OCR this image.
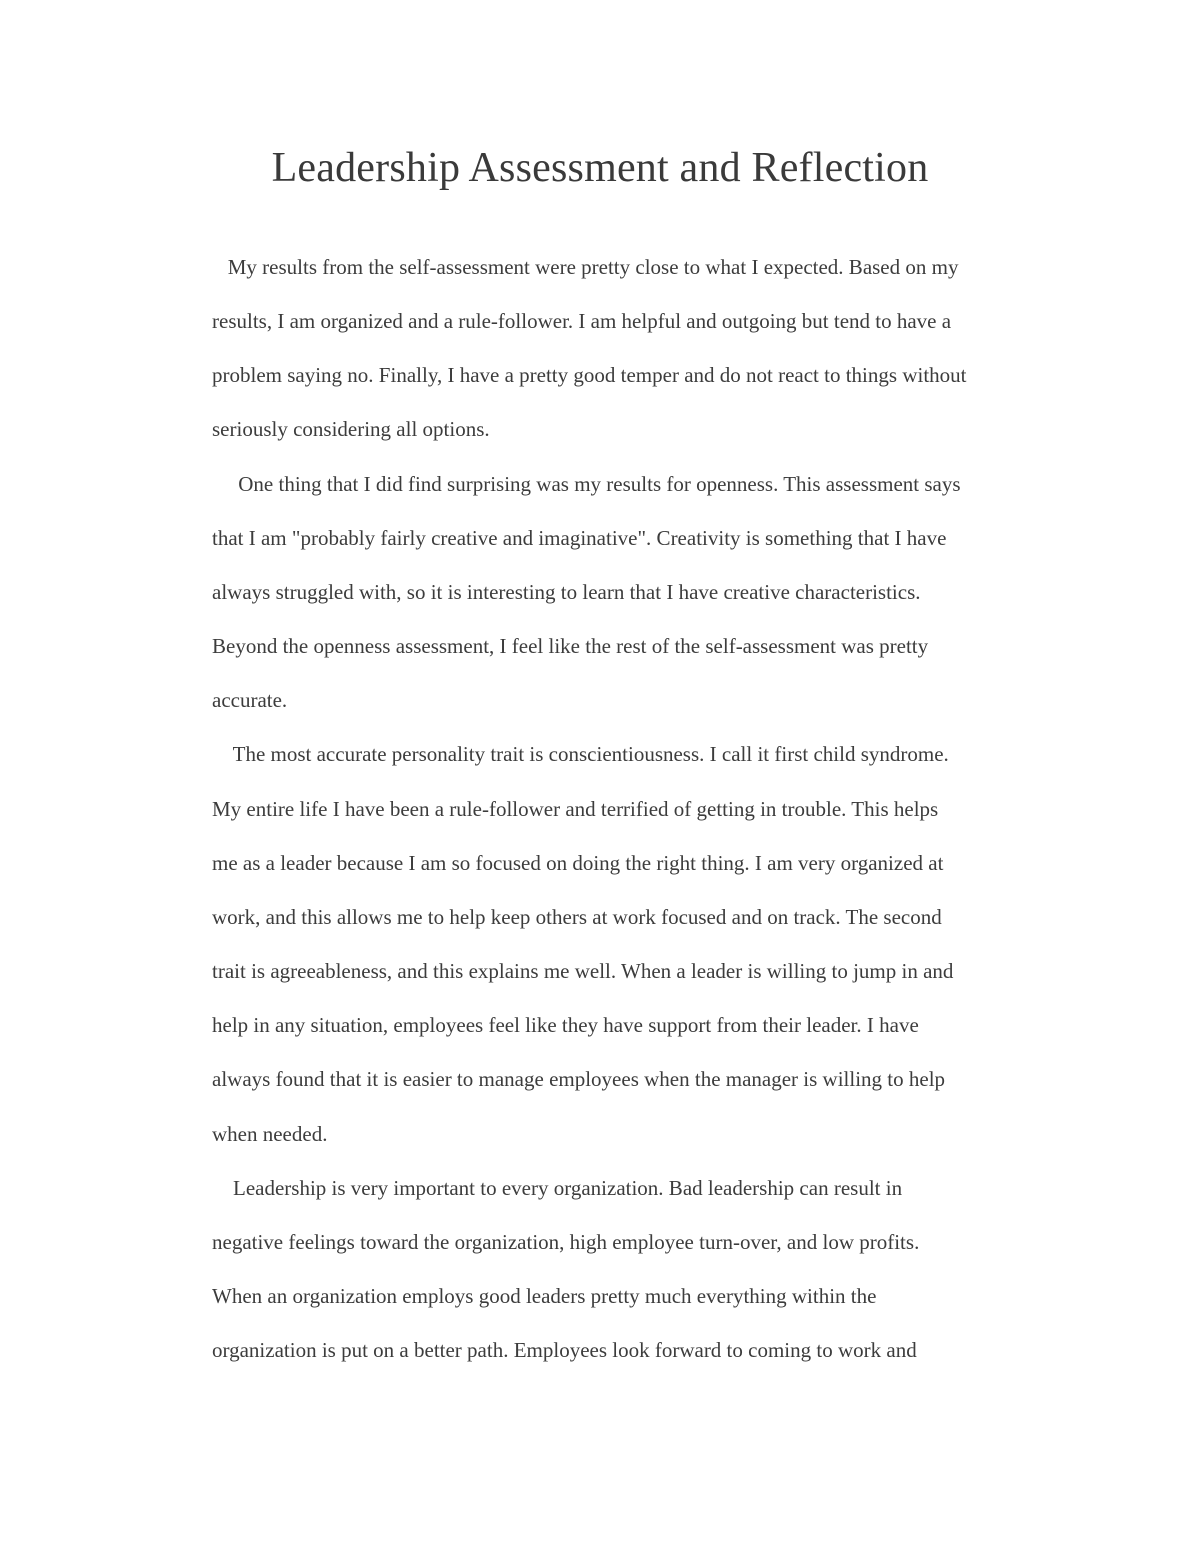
Leadership Assessment and Reflection

My results from the self-assessment were pretty close to what I expected. Based on my

results, I am organized and a rule-follower. I am helpful and outgoing but tend to have a

problem saying no. Finally, I have a pretty good temper and do not react to things without

seriously considering all options.

One thing that I did find surprising was my results for openness. This assessment says

that I am "probably fairly creative and imaginative". Creativity is something that I have

always struggled with, so it is interesting to learn that I have creative characteristics.

Beyond the openness assessment, I feel like the rest of the self-assessment was pretty

accurate.

The most accurate personality trait is conscientiousness. I call it first child syndrome.

My entire life I have been a rule-follower and terrified of getting in trouble. This helps

me as a leader because I am so focused on doing the right thing. I am very organized at

work, and this allows me to help keep others at work focused and on track. The second

trait is agreeableness, and this explains me well. When a leader is willing to jump in and

help in any situation, employees feel like they have support from their leader. I have

always found that it is easier to manage employees when the manager is willing to help

when needed.

Leadership is very important to every organization. Bad leadership can result in

negative feelings toward the organization, high employee turn-over, and low profits.

When an organization employs good leaders pretty much everything within the

organization is put on a better path. Employees look forward to coming to work and
